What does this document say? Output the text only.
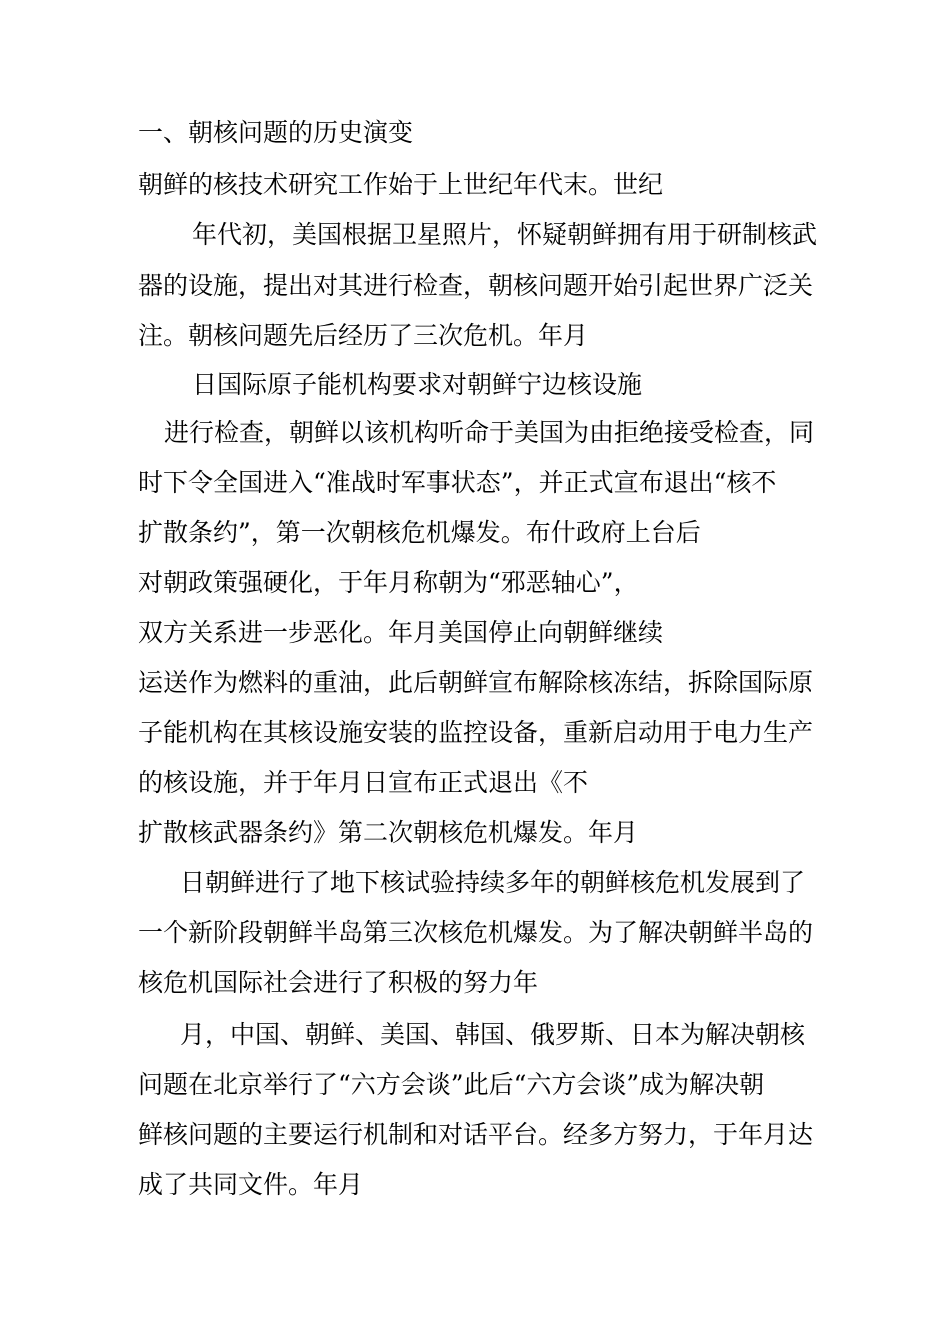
一、朝核问题的历史演变
朝鲜的核技术研究工作始于上世纪年代末。世纪
年代初，美国根据卫星照片，怀疑朝鲜拥有用于研制核武
器的设施，提出对其进行检查，朝核问题开始引起世界广泛关
注。朝核问题先后经历了三次危机。年月
日国际原子能机构要求对朝鲜宁边核设施
进行检查，朝鲜以该机构听命于美国为由拒绝接受检查，同
时下令全国进入“准战时军事状态”，并正式宣布退出“核不
扩散条约”，第一次朝核危机爆发。布什政府上台后
对朝政策强硬化，于年月称朝为“邪恶轴心”，
双方关系进一步恶化。年月美国停止向朝鲜继续
运送作为燃料的重油，此后朝鲜宣布解除核冻结，拆除国际原
子能机构在其核设施安装的监控设备，重新启动用于电力生产
的核设施，并于年月日宣布正式退出《不
扩散核武器条约》第二次朝核危机爆发。年月
日朝鲜进行了地下核试验持续多年的朝鲜核危机发展到了
一个新阶段朝鲜半岛第三次核危机爆发。为了解决朝鲜半岛的
核危机国际社会进行了积极的努力年
月，中国、朝鲜、美国、韩国、俄罗斯、日本为解决朝核
问题在北京举行了“六方会谈”此后“六方会谈”成为解决朝
鲜核问题的主要运行机制和对话平台。经多方努力，于年月达
成了共同文件。年月
